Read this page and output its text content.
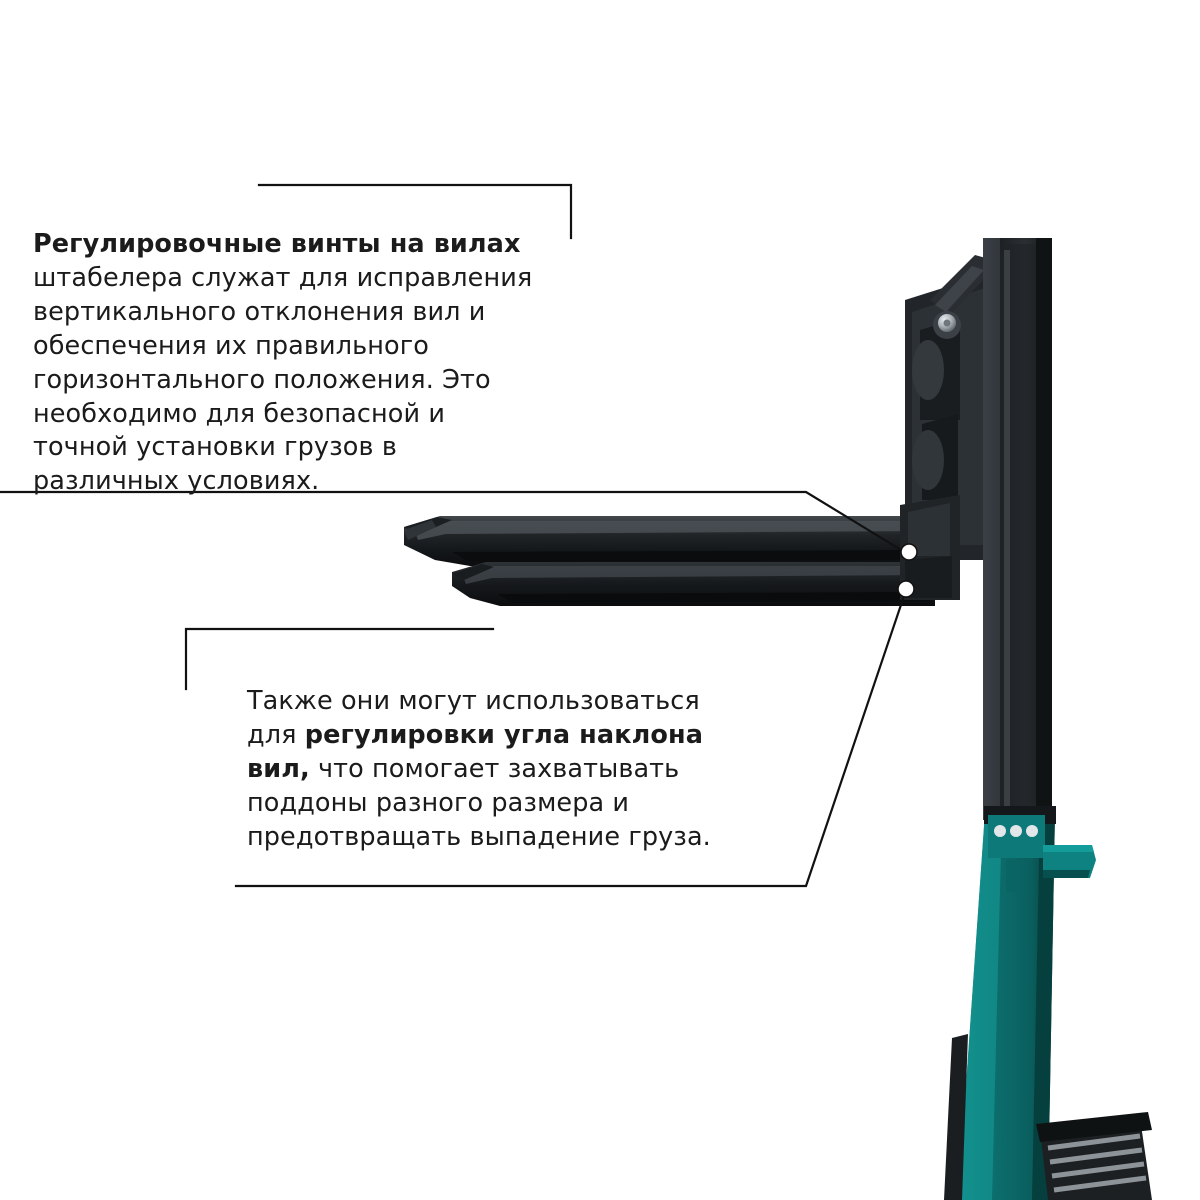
Регулировочные винты на вилах
штабелера служат для исправления вертикального отклонения вил и обеспечения их правильного горизонтального положения. Это необходимо для безопасной и точной установки грузов в различных условиях.
Также они могут использоваться для регулировки угла наклона вил, что помогает захватывать поддоны разного размера и предотвращать выпадение груза.
